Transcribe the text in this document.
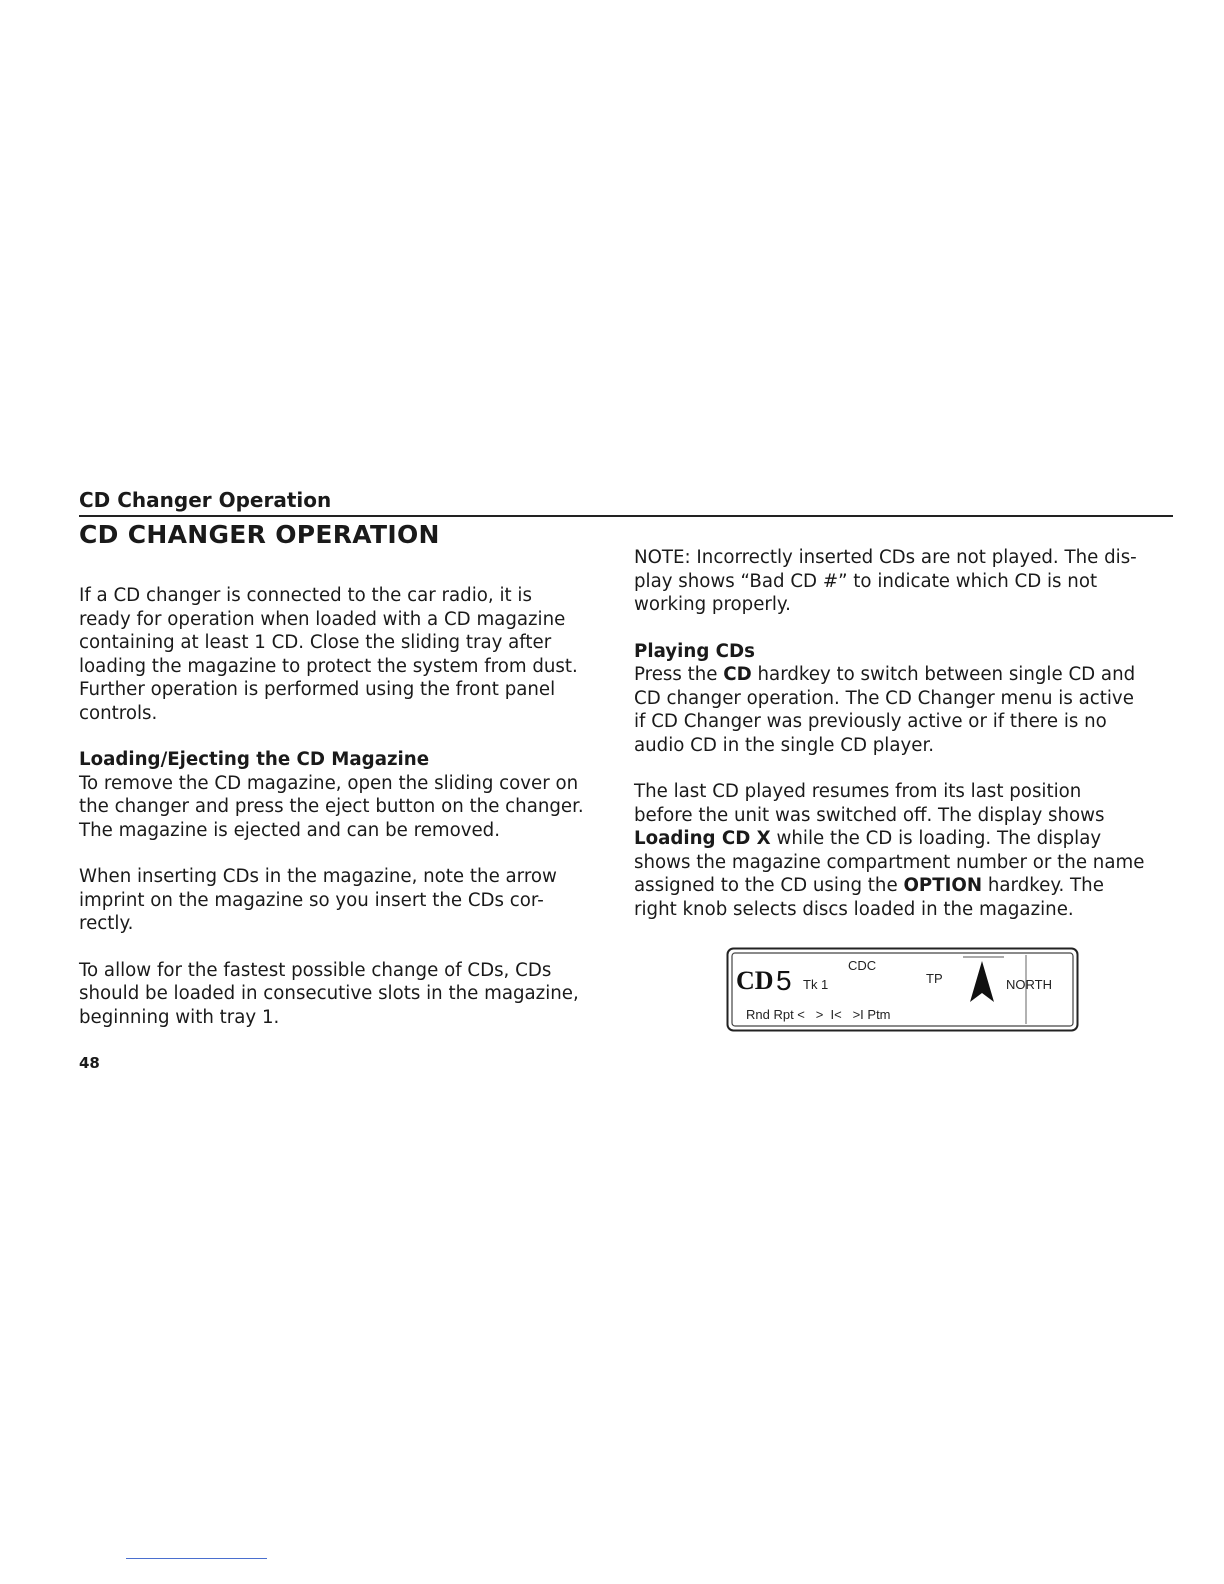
CD Changer Operation
CD CHANGER OPERATION

If a CD changer is connected to the car radio, it is

ready for operation when loaded with a CD magazine

containing at least 1 CD. Close the sliding tray after

loading the magazine to protect the system from dust.

Further operation is performed using the front panel

controls.

Loading/Ejecting the CD Magazine

To remove the CD magazine, open the sliding cover on

the changer and press the eject button on the changer.

The magazine is ejected and can be removed.

When inserting CDs in the magazine, note the arrow

imprint on the magazine so you insert the CDs cor-

rectly.

To allow for the fastest possible change of CDs, CDs

should be loaded in consecutive slots in the magazine,

beginning with tray 1.

NOTE: Incorrectly inserted CDs are not played. The dis-

play shows “Bad CD #” to indicate which CD is not

working properly.

Playing CDs

Press the CD hardkey to switch between single CD and

CD changer operation. The CD Changer menu is active

if CD Changer was previously active or if there is no

audio CD in the single CD player.

The last CD played resumes from its last position

before the unit was switched off. The display shows

Loading CD X while the CD is loading. The display

shows the magazine compartment number or the name

assigned to the CD using the OPTION hardkey. The

right knob selects discs loaded in the magazine.

CD 5 Tk 1
CDC
TP	NORTH
Rnd Rpt <   >  I<   >I Ptm
48
